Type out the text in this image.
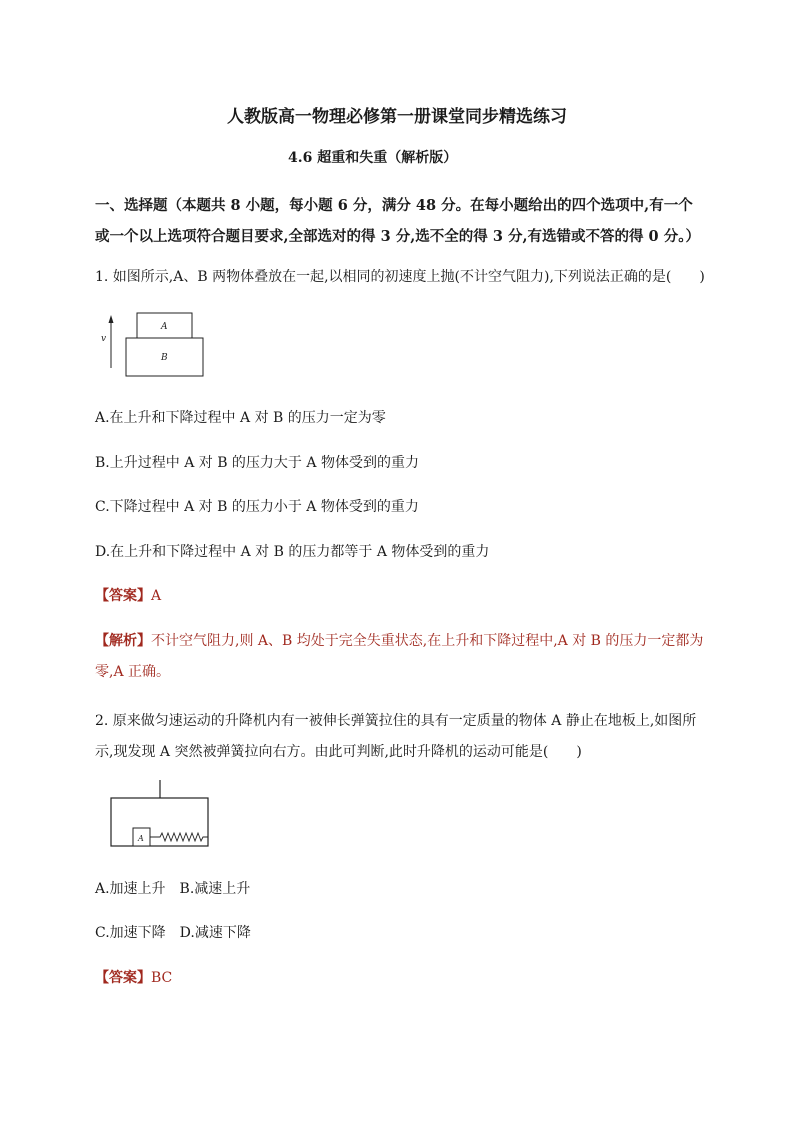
人教版高一物理必修第一册课堂同步精选练习
4.6 超重和失重（解析版）
一、选择题（本题共 8 小题，每小题 6 分，满分 48 分。在每小题给出的四个选项中,有一个或一个以上选项符合题目要求,全部选对的得 3 分,选不全的得 3 分,有选错或不答的得 0 分。）
1. 如图所示,A、B 两物体叠放在一起,以相同的初速度上抛(不计空气阻力),下列说法正确的是(　　)
v
A
B
A.在上升和下降过程中 A 对 B 的压力一定为零
B.上升过程中 A 对 B 的压力大于 A 物体受到的重力
C.下降过程中 A 对 B 的压力小于 A 物体受到的重力
D.在上升和下降过程中 A 对 B 的压力都等于 A 物体受到的重力
【答案】A
【解析】不计空气阻力,则 A、B 均处于完全失重状态,在上升和下降过程中,A 对 B 的压力一定都为零,A 正确。
2. 原来做匀速运动的升降机内有一被伸长弹簧拉住的具有一定质量的物体 A 静止在地板上,如图所示,现发现 A 突然被弹簧拉向右方。由此可判断,此时升降机的运动可能是(　　)
A
A.加速上升　B.减速上升
C.加速下降　D.减速下降
【答案】BC
